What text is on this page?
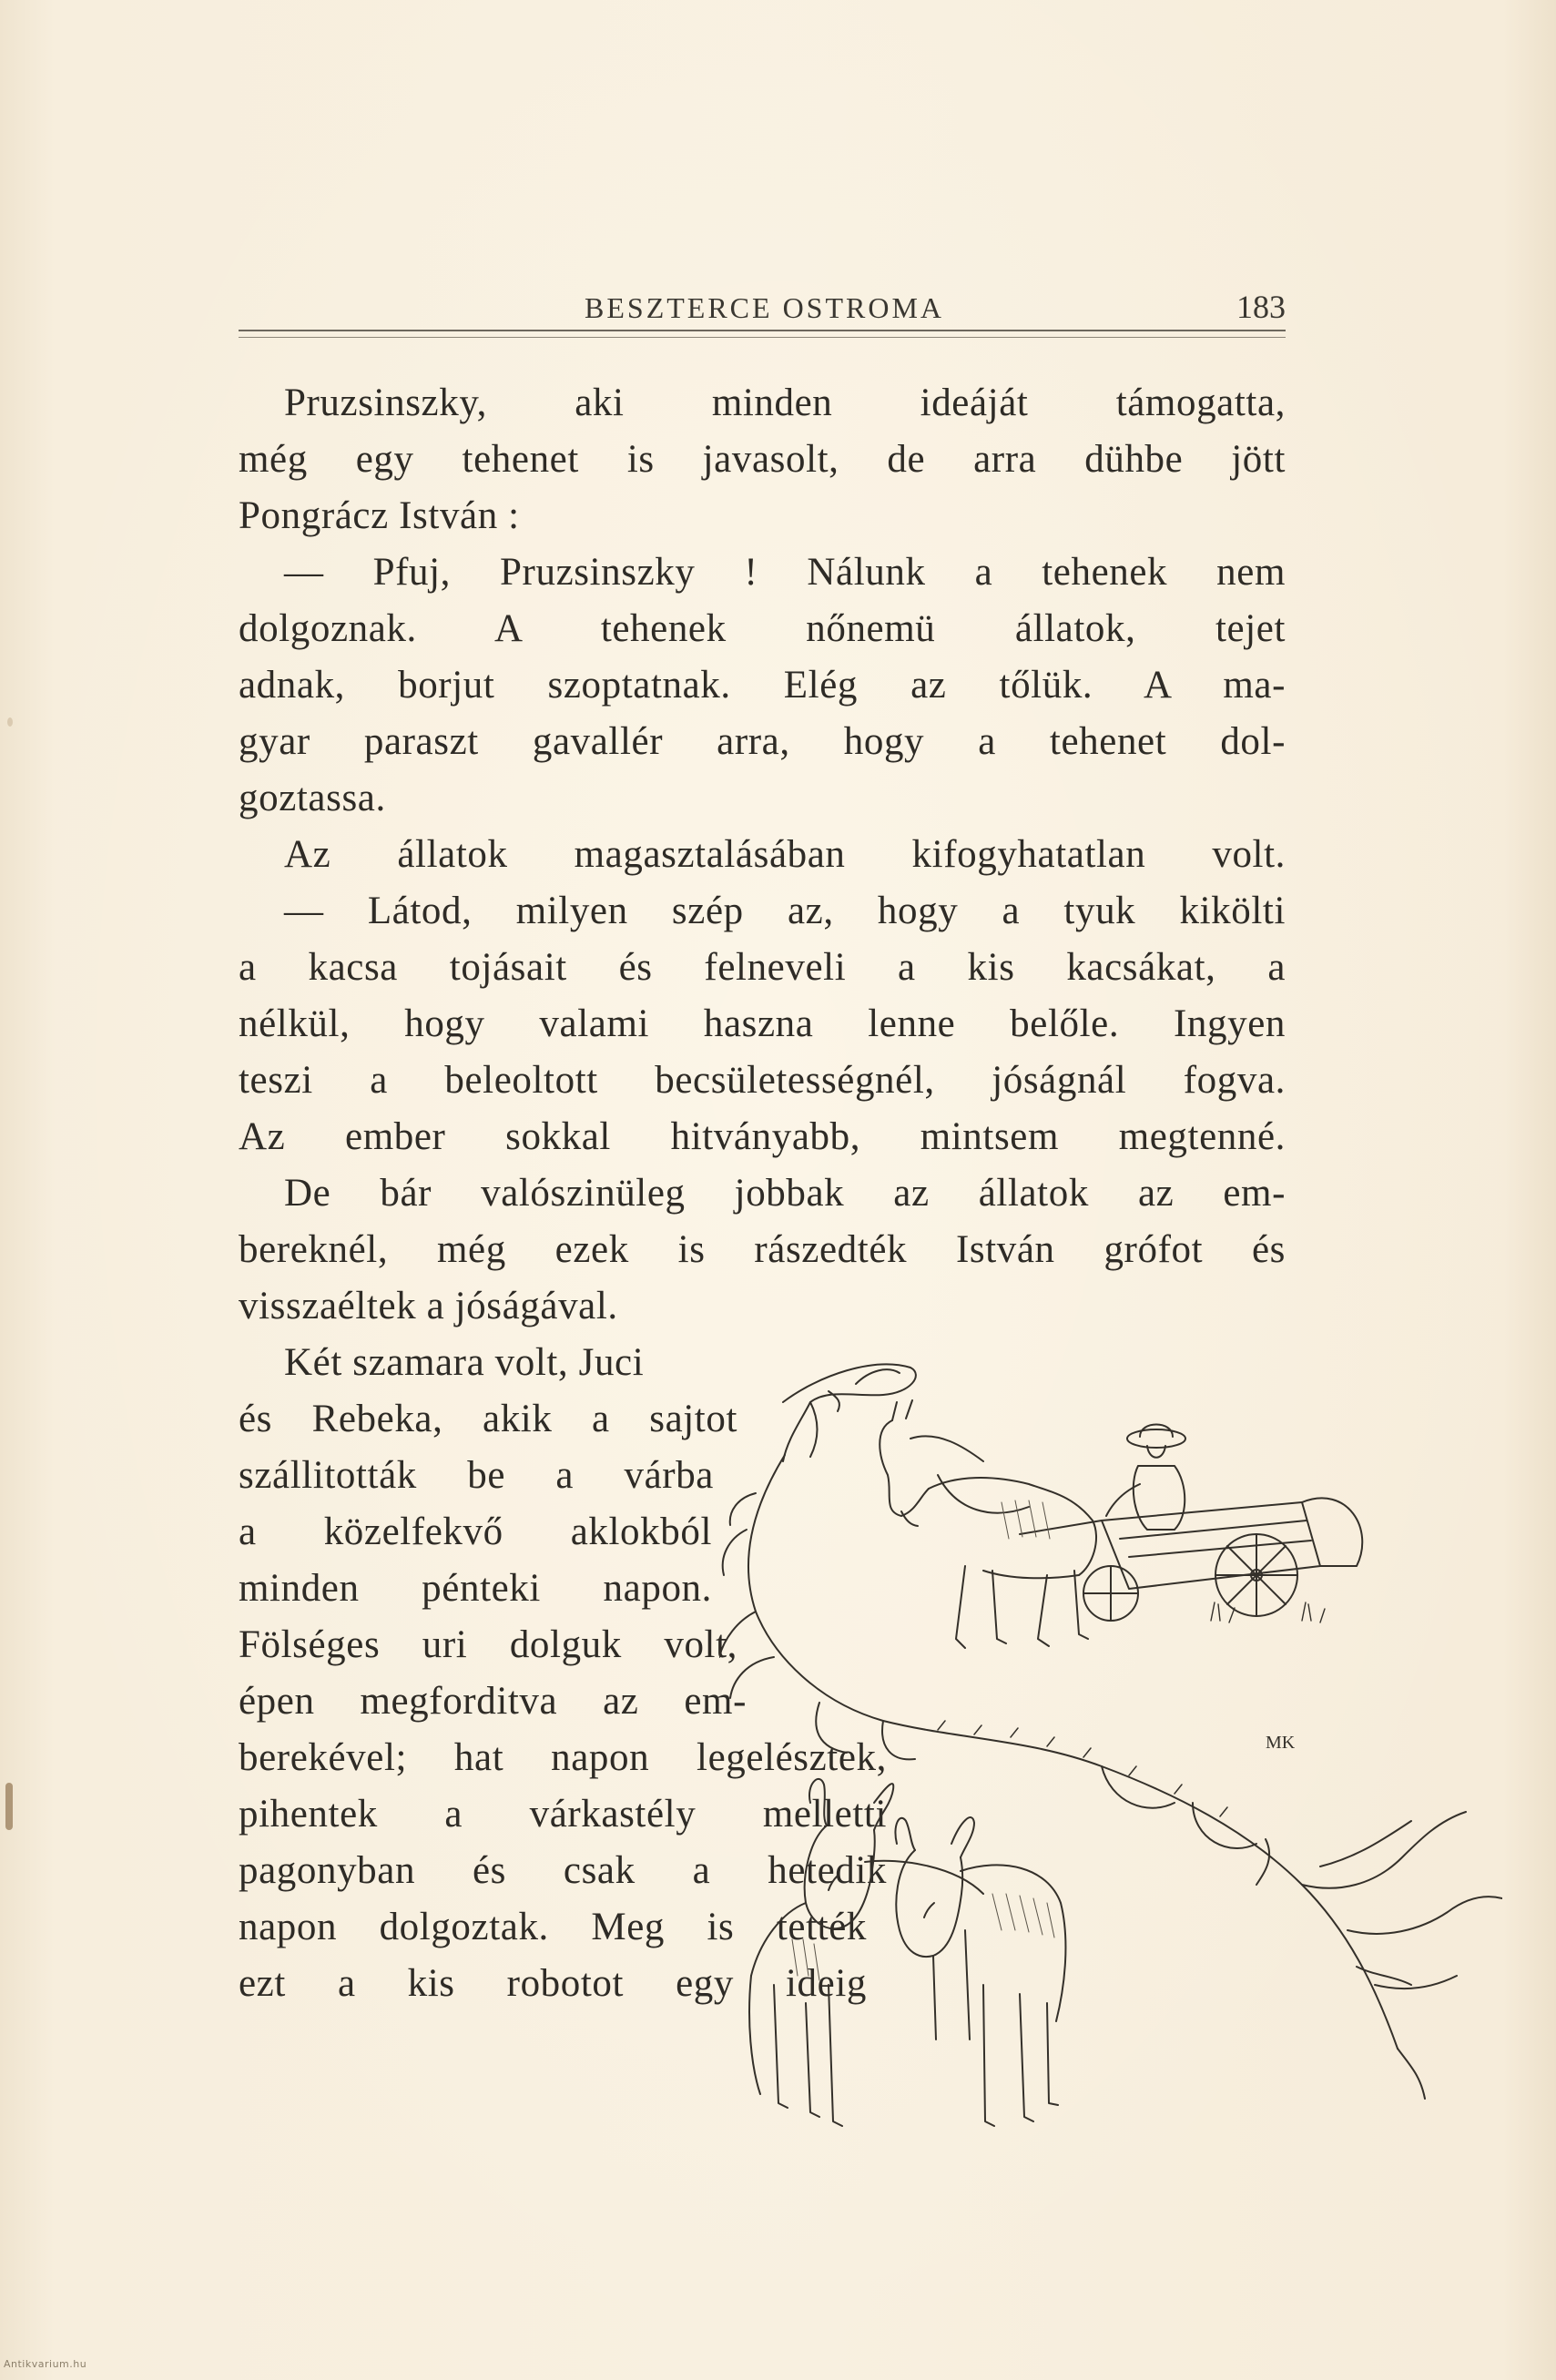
BESZTERCE OSTROMA	183
Pruzsinszky, aki minden ideáját támogatta,
még egy tehenet is javasolt, de arra dühbe jött
Pongrácz István :
— Pfuj, Pruzsinszky ! Nálunk a tehenek nem
dolgoznak. A tehenek nőnemü állatok, tejet
adnak, borjut szoptatnak. Elég az tőlük. A ma-
gyar paraszt gavallér arra, hogy a tehenet dol-
goztassa.
Az állatok magasztalásában kifogyhatatlan volt.
— Látod, milyen szép az, hogy a tyuk kikölti
a kacsa tojásait és felneveli a kis kacsákat, a
nélkül, hogy valami haszna lenne belőle. Ingyen
teszi a beleoltott becsületességnél, jóságnál fogva.
Az ember sokkal hitványabb, mintsem megtenné.
De bár valószinüleg jobbak az állatok az em-
bereknél, még ezek is rászedték István grófot és
visszaéltek a jóságával.
Két szamara volt, Juci
és Rebeka, akik a sajtot
szállitották be a várba
a közelfekvő aklokból
minden pénteki napon.
Fölséges uri dolguk volt,
épen megforditva az em-
berekével; hat napon legelésztek,
pihentek a várkastély melletti
pagonyban és csak a hetedik
napon dolgoztak. Meg is tették
ezt a kis robotot egy ideig
MK
Antikvarium.hu
